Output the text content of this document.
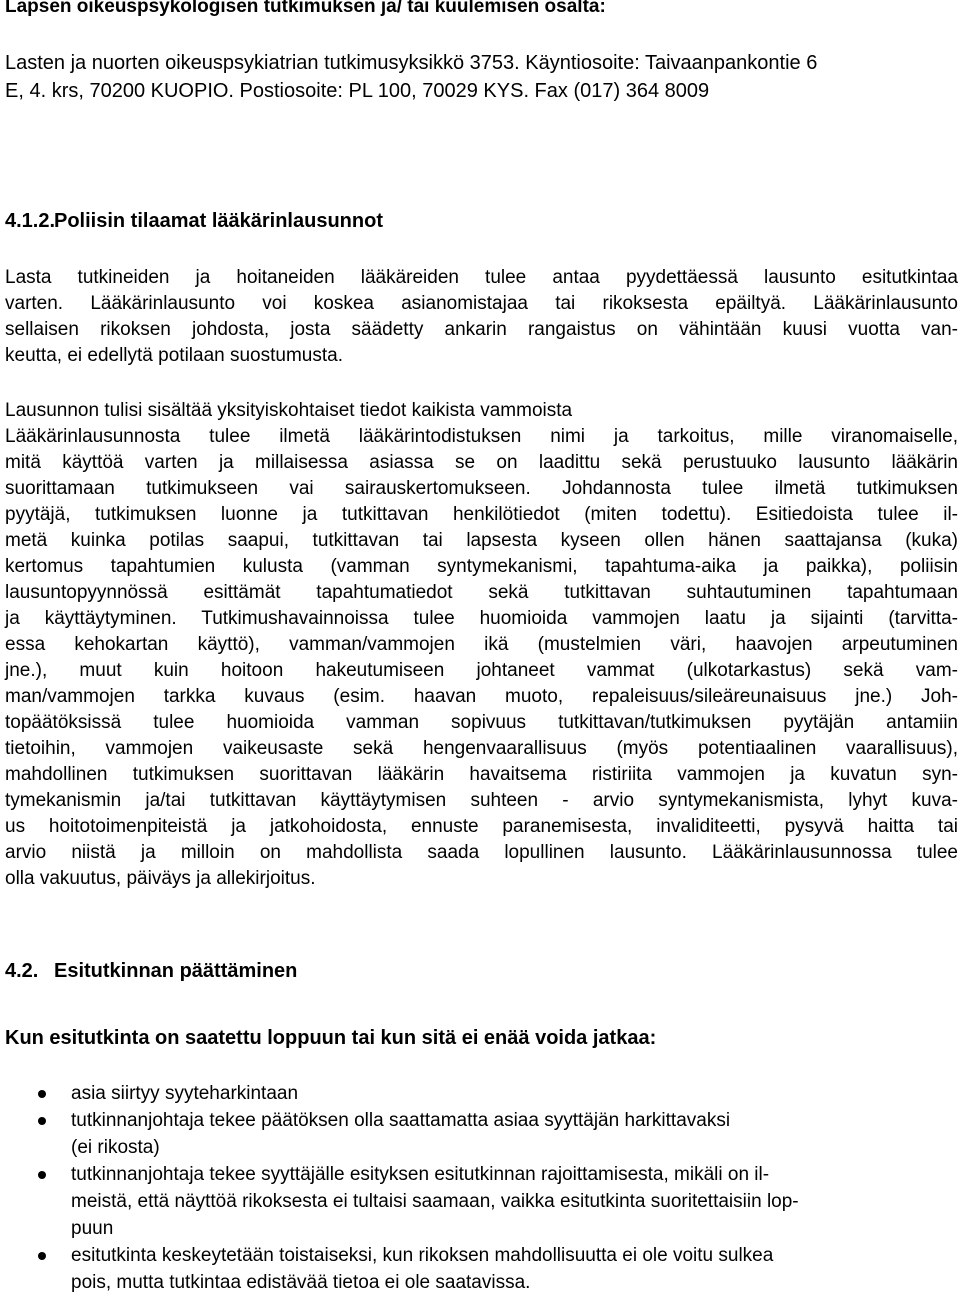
Lapsen oikeuspsykologisen tutkimuksen ja/ tai kuulemisen osalta:

Lasten ja nuorten oikeuspsykiatrian tutkimusyksikkö 3753. Käyntiosoite: Taivaanpankontie 6
E, 4. krs, 70200 KUOPIO. Postiosoite: PL 100, 70029 KYS. Fax (017) 364 8009

4.1.2.Poliisin tilaamat lääkärinlausunnot

Lasta tutkineiden ja hoitaneiden lääkäreiden tulee antaa pyydettäessä lausunto esitutkintaa
varten. Lääkärinlausunto voi koskea asianomistajaa tai rikoksesta epäiltyä. Lääkärinlausunto
sellaisen rikoksen johdosta, josta säädetty ankarin rangaistus on vähintään kuusi vuotta van-
keutta, ei edellytä potilaan suostumusta.

Lausunnon tulisi sisältää yksityiskohtaiset tiedot kaikista vammoista
Lääkärinlausunnosta tulee ilmetä lääkärintodistuksen nimi ja tarkoitus, mille viranomaiselle,
mitä käyttöä varten ja millaisessa asiassa se on laadittu sekä perustuuko lausunto lääkärin
suorittamaan tutkimukseen vai sairauskertomukseen. Johdannosta tulee ilmetä tutkimuksen
pyytäjä, tutkimuksen luonne ja tutkittavan henkilötiedot (miten todettu). Esitiedoista tulee il-
metä kuinka potilas saapui, tutkittavan tai lapsesta kyseen ollen hänen saattajansa (kuka)
kertomus tapahtumien kulusta (vamman syntymekanismi, tapahtuma-aika ja paikka), poliisin
lausuntopyynnössä esittämät tapahtumatiedot sekä tutkittavan suhtautuminen tapahtumaan
ja käyttäytyminen. Tutkimushavainnoissa tulee huomioida vammojen laatu ja sijainti (tarvitta-
essa kehokartan käyttö), vamman/vammojen ikä (mustelmien väri, haavojen arpeutuminen
jne.), muut kuin hoitoon hakeutumiseen johtaneet vammat (ulkotarkastus) sekä vam-
man/vammojen tarkka kuvaus (esim. haavan muoto, repaleisuus/sileäreunaisuus jne.) Joh-
topäätöksissä tulee huomioida vamman sopivuus tutkittavan/tutkimuksen pyytäjän antamiin
tietoihin, vammojen vaikeusaste sekä hengenvaarallisuus (myös potentiaalinen vaarallisuus),
mahdollinen tutkimuksen suorittavan lääkärin havaitsema ristiriita vammojen ja kuvatun syn-
tymekanismin ja/tai tutkittavan käyttäytymisen suhteen - arvio syntymekanismista, lyhyt kuva-
us hoitotoimenpiteistä ja jatkohoidosta, ennuste paranemisesta, invaliditeetti, pysyvä haitta tai
arvio niistä ja milloin on mahdollista saada lopullinen lausunto. Lääkärinlausunnossa tulee
olla vakuutus, päiväys ja allekirjoitus.

4.2. Esitutkinnan päättäminen

Kun esitutkinta on saatettu loppuun tai kun sitä ei enää voida jatkaa:

asia siirtyy syyteharkintaan
tutkinnanjohtaja tekee päätöksen olla saattamatta asiaa syyttäjän harkittavaksi
(ei rikosta)
tutkinnanjohtaja tekee syyttäjälle esityksen esitutkinnan rajoittamisesta, mikäli on il-
meistä, että näyttöä rikoksesta ei tultaisi saamaan, vaikka esitutkinta suoritettaisiin lop-
puun
esitutkinta keskeytetään toistaiseksi, kun rikoksen mahdollisuutta ei ole voitu sulkea
pois, mutta tutkintaa edistävää tietoa ei ole saatavissa.
